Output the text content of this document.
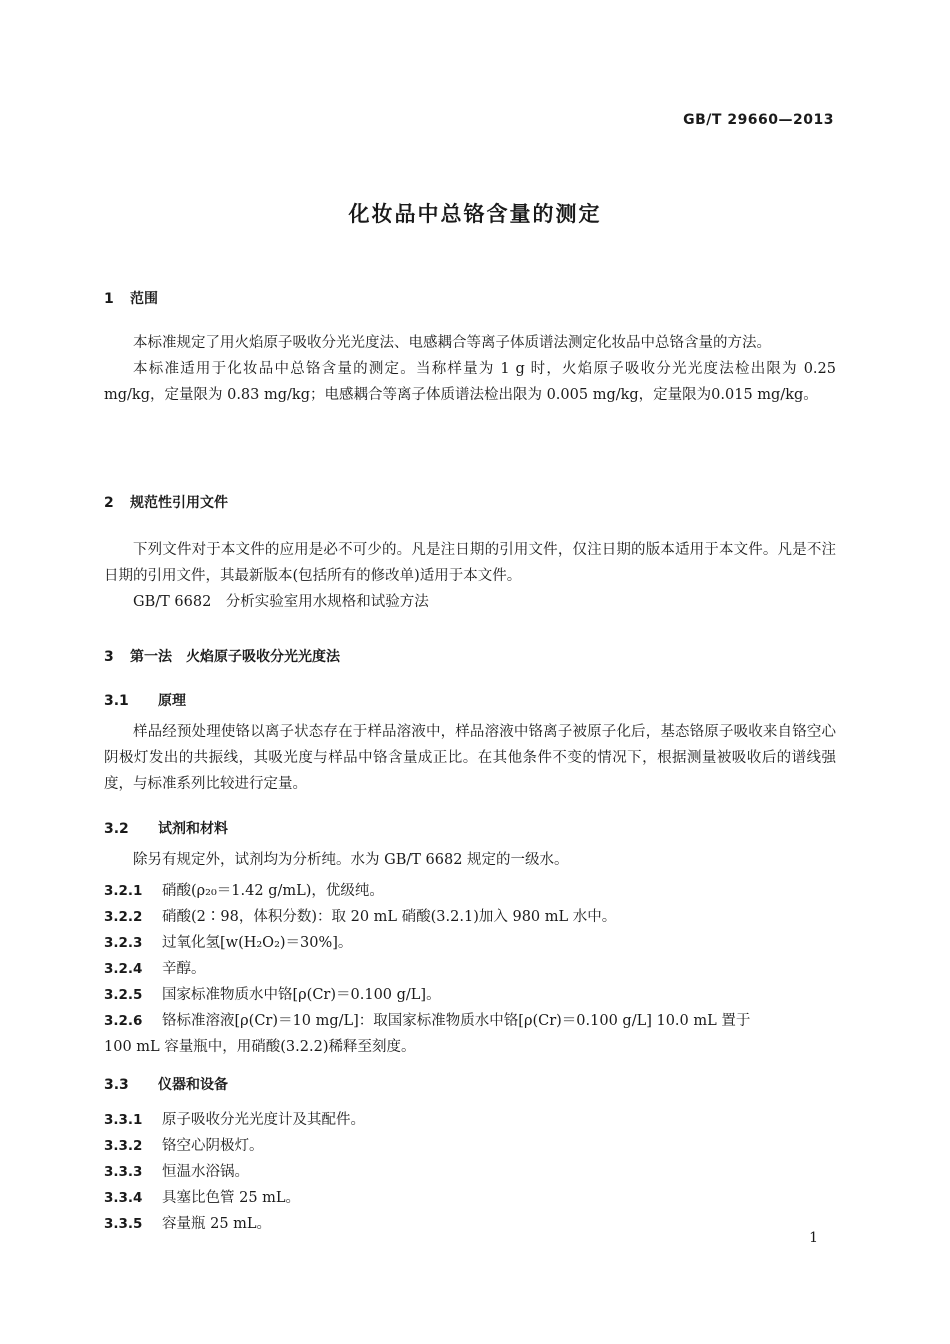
GB/T 29660—2013
化妆品中总铬含量的测定
1 范围

本标准规定了用火焰原子吸收分光光度法、电感耦合等离子体质谱法测定化妆品中总铬含量的方法。

本标准适用于化妆品中总铬含量的测定。当称样量为 1 g 时，火焰原子吸收分光光度法检出限为 0.25 mg/kg，定量限为 0.83 mg/kg；电感耦合等离子体质谱法检出限为 0.005 mg/kg，定量限为0.015 mg/kg。

2 规范性引用文件

下列文件对于本文件的应用是必不可少的。凡是注日期的引用文件，仅注日期的版本适用于本文件。凡是不注日期的引用文件，其最新版本(包括所有的修改单)适用于本文件。

GB/T 6682　分析实验室用水规格和试验方法

3 第一法　火焰原子吸收分光光度法
3.1 原理

样品经预处理使铬以离子状态存在于样品溶液中，样品溶液中铬离子被原子化后，基态铬原子吸收来自铬空心阴极灯发出的共振线，其吸光度与样品中铬含量成正比。在其他条件不变的情况下，根据测量被吸收后的谱线强度，与标准系列比较进行定量。

3.2 试剂和材料

除另有规定外，试剂均为分析纯。水为 GB/T 6682 规定的一级水。

3.2.1 硝酸(ρ₂₀＝1.42 g/mL)，优级纯。
3.2.2 硝酸(2∶98，体积分数)：取 20 mL 硝酸(3.2.1)加入 980 mL 水中。
3.2.3 过氧化氢[w(H₂O₂)＝30%]。
3.2.4 辛醇。
3.2.5 国家标准物质水中铬[ρ(Cr)＝0.100 g/L]。
3.2.6 铬标准溶液[ρ(Cr)＝10 mg/L]：取国家标准物质水中铬[ρ(Cr)＝0.100 g/L] 10.0 mL 置于
100 mL 容量瓶中，用硝酸(3.2.2)稀释至刻度。
3.3 仪器和设备
3.3.1 原子吸收分光光度计及其配件。
3.3.2 铬空心阴极灯。
3.3.3 恒温水浴锅。
3.3.4 具塞比色管 25 mL。
3.3.5 容量瓶 25 mL。
1
